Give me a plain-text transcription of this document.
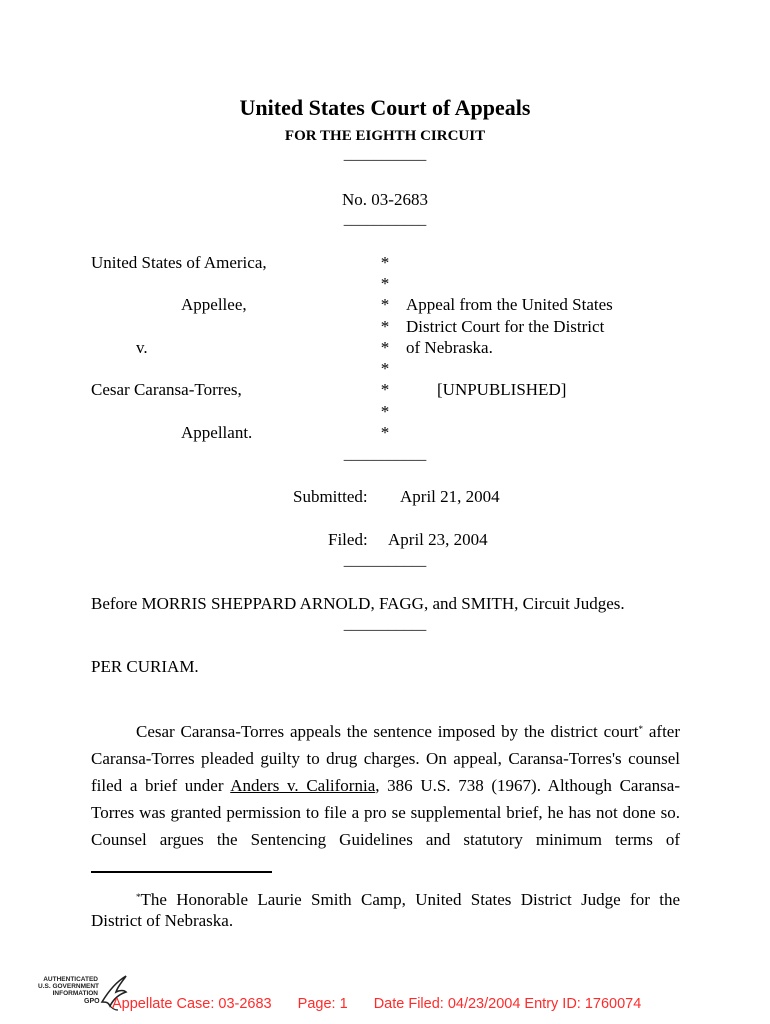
United States Court of Appeals
FOR THE EIGHTH CIRCUIT
___________
No. 03-2683
___________
United States of America,
Appellee,
v.
Cesar Caransa-Torres,
Appellant.
*
*
*
*
*
*
*
*
*
Appeal from the United States
District Court for the District
of Nebraska.
[UNPUBLISHED]
___________
Submitted: April 21, 2004
Filed: April 23, 2004
___________
Before MORRIS SHEPPARD ARNOLD, FAGG, and SMITH, Circuit Judges.
___________
PER CURIAM.
Cesar Caransa-Torres appeals the sentence imposed by the district court* after
Caransa-Torres pleaded guilty to drug charges. On appeal, Caransa-Torres's counsel
filed a brief under Anders v. California, 386 U.S. 738 (1967). Although Caransa-
Torres was granted permission to file a pro se supplemental brief, he has not done so.
Counsel argues the Sentencing Guidelines and statutory minimum terms of
*The Honorable Laurie Smith Camp, United States District Judge for the District of Nebraska.
AUTHENTICATED
U.S. GOVERNMENT
INFORMATION
GPO Appellate Case: 03-2683 Page: 1 Date Filed: 04/23/2004 Entry ID: 1760074
